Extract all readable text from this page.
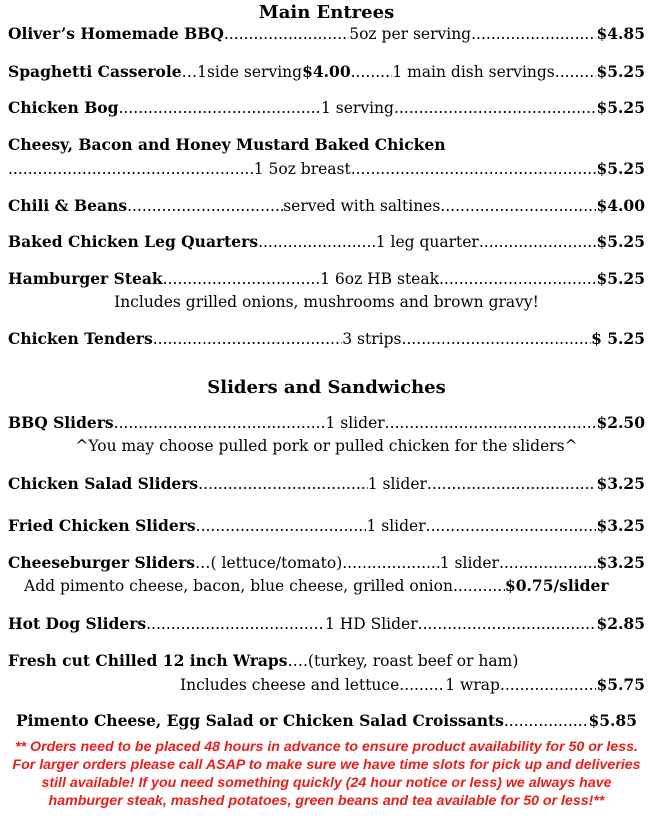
Main Entrees
Oliver’s Homemade BBQ .....	5oz per serving .....	$4.85
Spaghetti Casserole …1side serving $4.00 .....	1 main dish servings .....	$5.25
Chicken Bog .....	1 serving .....	$5.25
Cheesy, Bacon and Honey Mustard Baked Chicken
.....
1 5oz breast .....	$5.25
Chili & Beans .....	served with saltines .....	$4.00
Baked Chicken Leg Quarters .....	1 leg quarter .....	$5.25
Hamburger Steak .....	1 6oz HB steak .....	$5.25
Includes grilled onions, mushrooms and brown gravy!
Chicken Tenders .....	3 strips .....	$ 5.25
Sliders and Sandwiches
BBQ Sliders .....	1 slider .....	$2.50
^You may choose pulled pork or pulled chicken for the sliders^
Chicken Salad Sliders .....	1 slider .....	$3.25
Fried Chicken Sliders .....	1 slider .....	$3.25
Cheeseburger Sliders …( lettuce/tomato) .....	1 slider .....	$3.25
Add pimento cheese, bacon, blue cheese, grilled onion .....	$0.75/slider
Hot Dog Sliders .....	1 HD Slider .....	$2.85
Fresh cut Chilled 12 inch Wraps ….(turkey, roast beef or ham)
Includes cheese and lettuce .....	1 wrap .....	$5.75
Pimento Cheese, Egg Salad or Chicken Salad Croissants .....	$5.85
** Orders need to be placed 48 hours in advance to ensure product availability for 50 or less. For larger orders please call ASAP to make sure we have time slots for pick up and deliveries still available! If you need something quickly (24 hour notice or less) we always have hamburger steak, mashed potatoes, green beans and tea available for 50 or less!**
